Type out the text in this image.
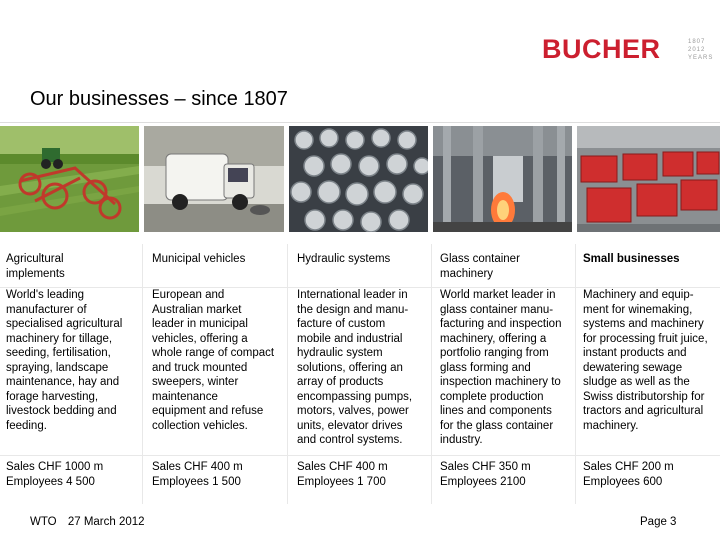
BUCHER	1807
2012
YEARS
Our businesses – since 1807
Agricultural
implements
World's leading
manufacturer of
specialised agricultural
machinery for tillage,
seeding, fertilisation,
spraying, landscape
maintenance, hay and
forage harvesting,
livestock bedding and
feeding.
Sales CHF 1000 m
Employees 4 500
Municipal vehicles
European and
Australian market
leader in municipal
vehicles, offering a
whole range of compact
and truck mounted
sweepers, winter
maintenance
equipment and refuse
collection vehicles.
Sales CHF 400 m
Employees 1 500
Hydraulic systems
International leader in
the design and manu-
facture of custom
mobile and industrial
hydraulic system
solutions, offering an
array of products
encompassing pumps,
motors, valves, power
units, elevator drives
and control systems.
Sales CHF 400 m
Employees 1 700
Glass container
machinery
World market leader in
glass container manu-
facturing and inspection
machinery, offering a
portfolio ranging from
glass forming and
inspection machinery to
complete production
lines and components
for the glass container
industry.
Sales CHF 350 m
Employees 2100
Small businesses
Machinery and equip-
ment for winemaking,
systems and machinery
for processing fruit juice,
instant products and
dewatering sewage
sludge as well as the
Swiss distributorship for
tractors and agricultural
machinery.
Sales CHF 200 m
Employees 600
WTO 27 March 2012	Page 3
